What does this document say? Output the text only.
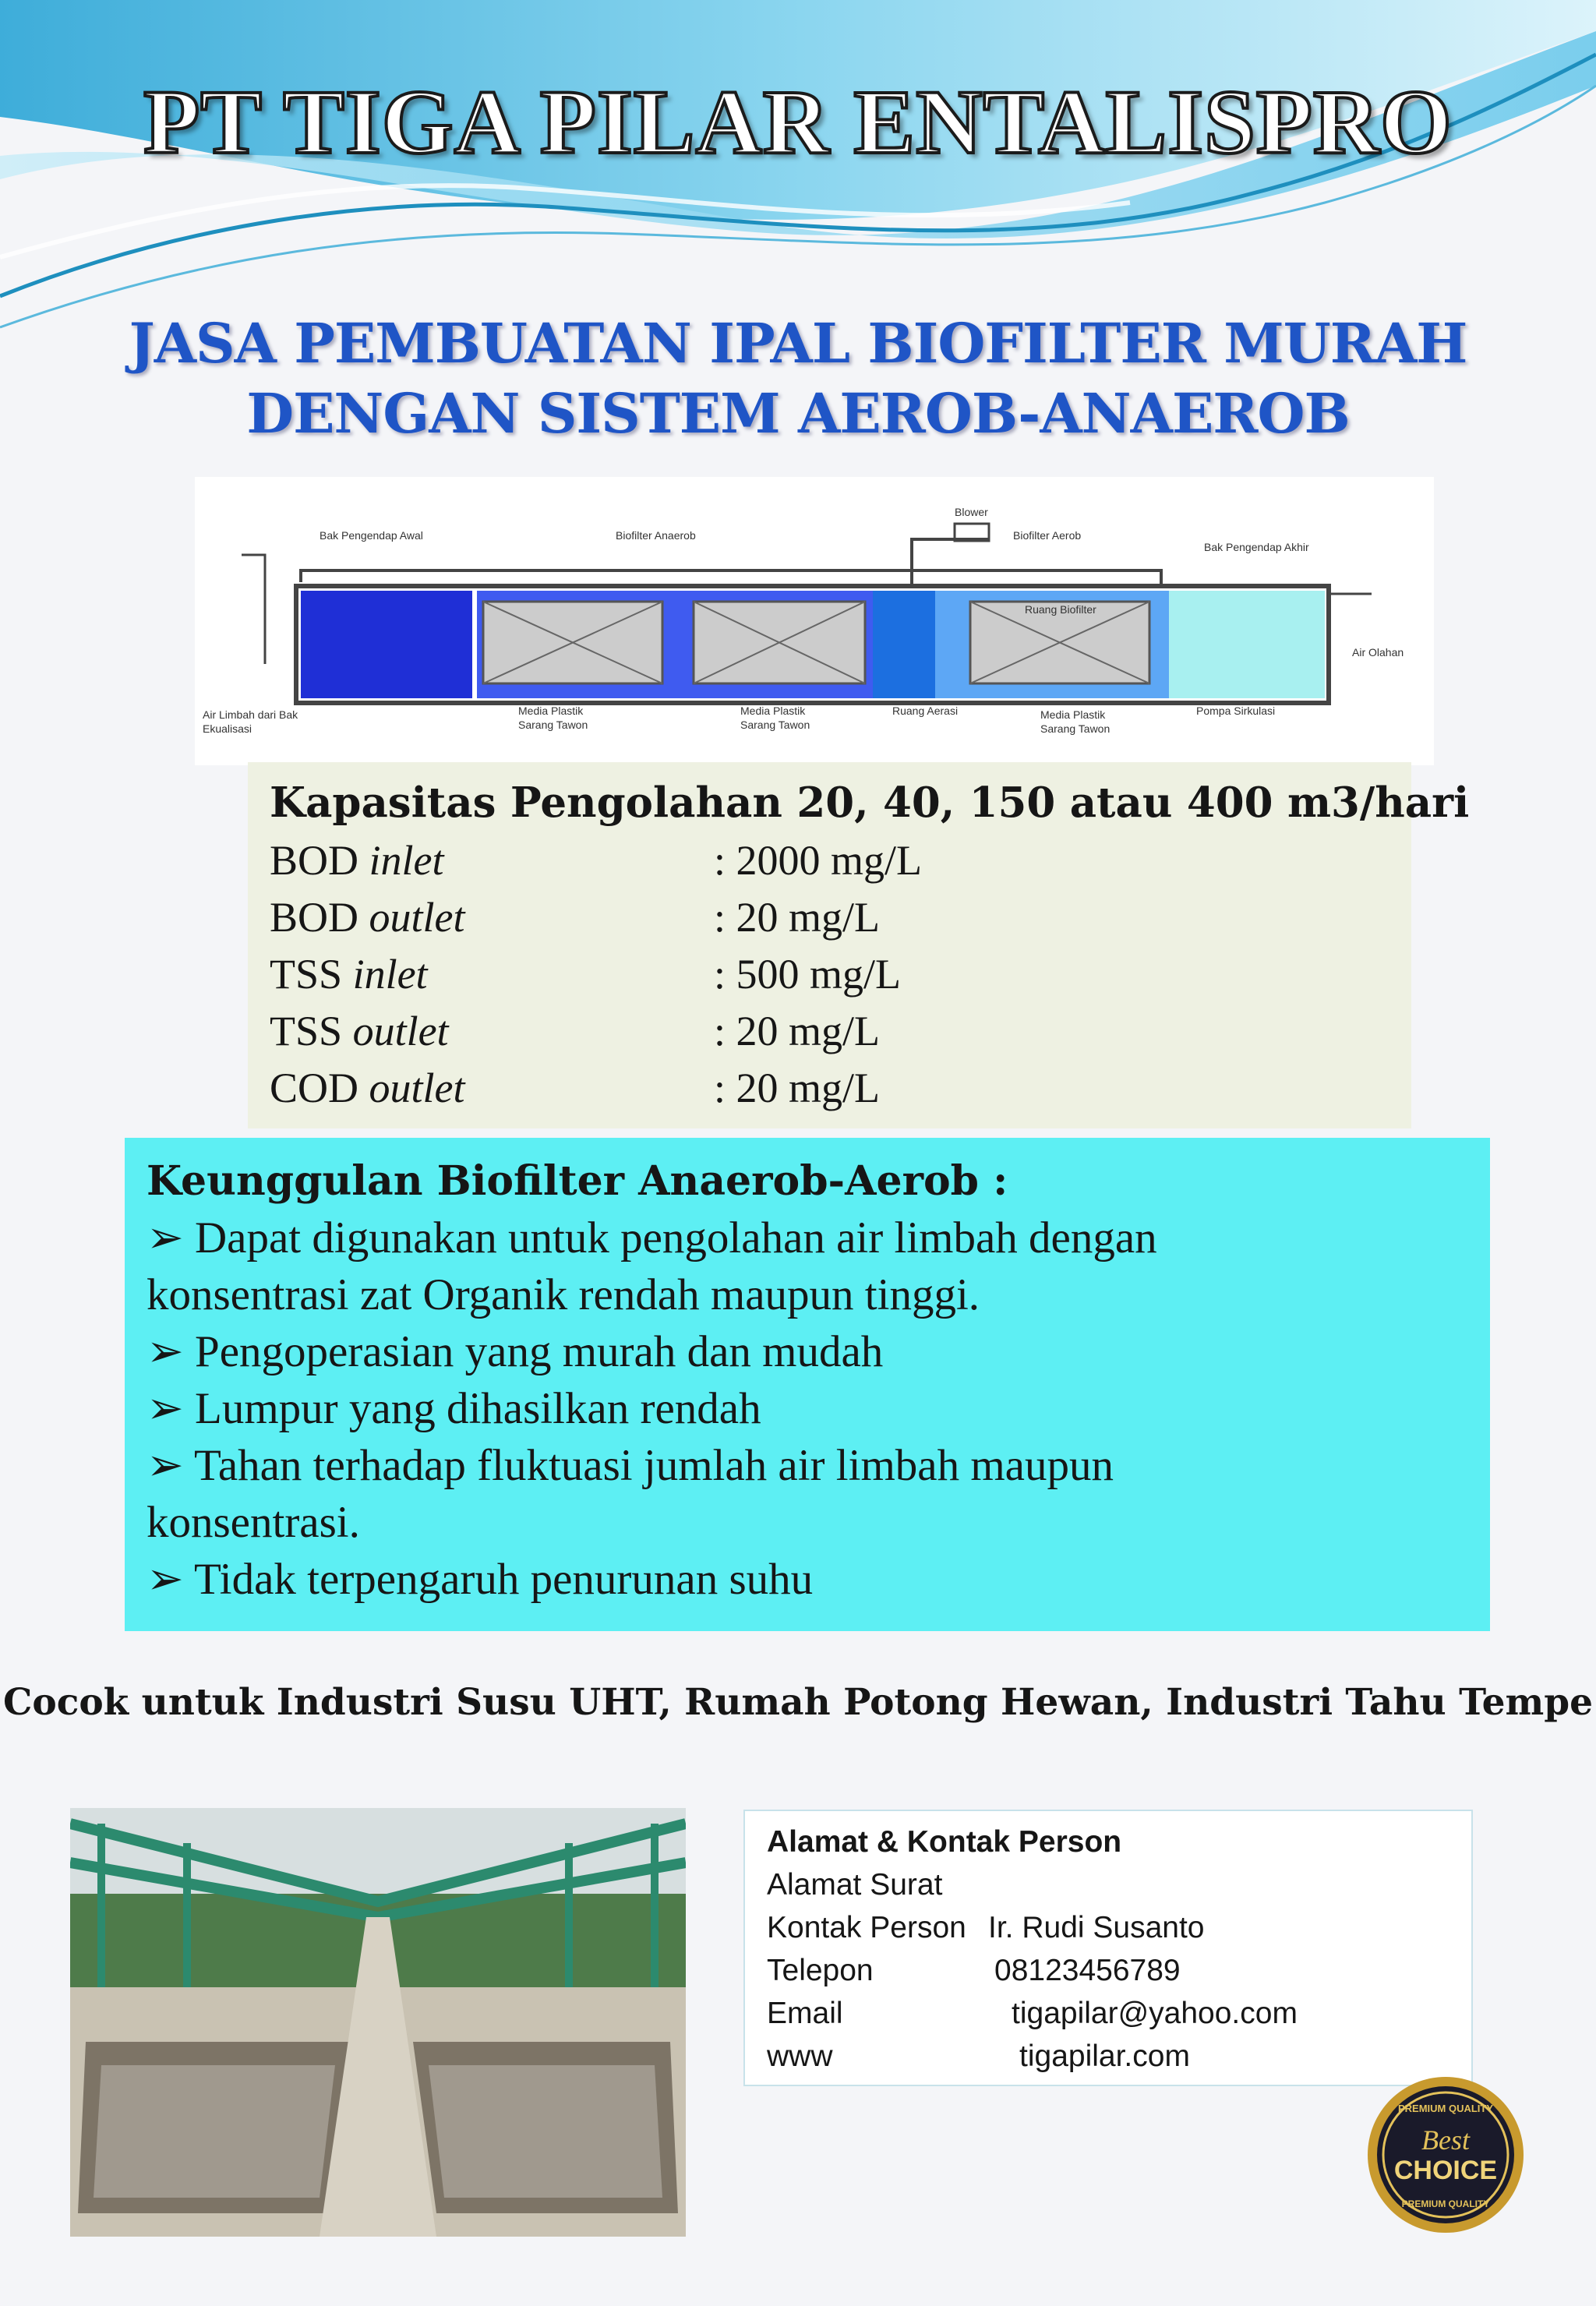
PT TIGA PILAR ENTALISPRO
JASA PEMBUATAN IPAL BIOFILTER MURAH
DENGAN SISTEM AEROB-ANAEROB
Bak Pengendap Awal	Biofilter Anaerob
Blower
Biofilter Aerob
Bak Pengendap Akhir
Ruang Biofilter
Air Olahan
Air Limbah dari Bak
Ekualisasi
Media Plastik
Sarang Tawon
Media Plastik
Sarang Tawon
Ruang Aerasi	Media Plastik
Sarang Tawon
Pompa Sirkulasi
Kapasitas Pengolahan 20, 40, 150 atau 400 m3/hari
BOD inlet	: 2000 mg/L
BOD outlet	: 20 mg/L
TSS inlet	: 500 mg/L
TSS outlet	: 20 mg/L
COD outlet	: 20 mg/L
Keunggulan Biofilter Anaerob-Aerob :
➢ Dapat digunakan untuk pengolahan air limbah dengan
konsentrasi zat Organik rendah maupun tinggi.
➢ Pengoperasian yang murah dan mudah
➢ Lumpur yang dihasilkan rendah
➢ Tahan terhadap fluktuasi jumlah air limbah maupun
konsentrasi.
➢ Tidak terpengaruh penurunan suhu
Cocok untuk Industri Susu UHT, Rumah Potong Hewan, Industri Tahu Tempe
Alamat & Kontak Person
Alamat Surat
Kontak Person Ir. Rudi Susanto
Telepon	08123456789
Email	tigapilar@yahoo.com
www	tigapilar.com
PREMIUM QUALITY
Best
CHOICE
PREMIUM QUALITY
